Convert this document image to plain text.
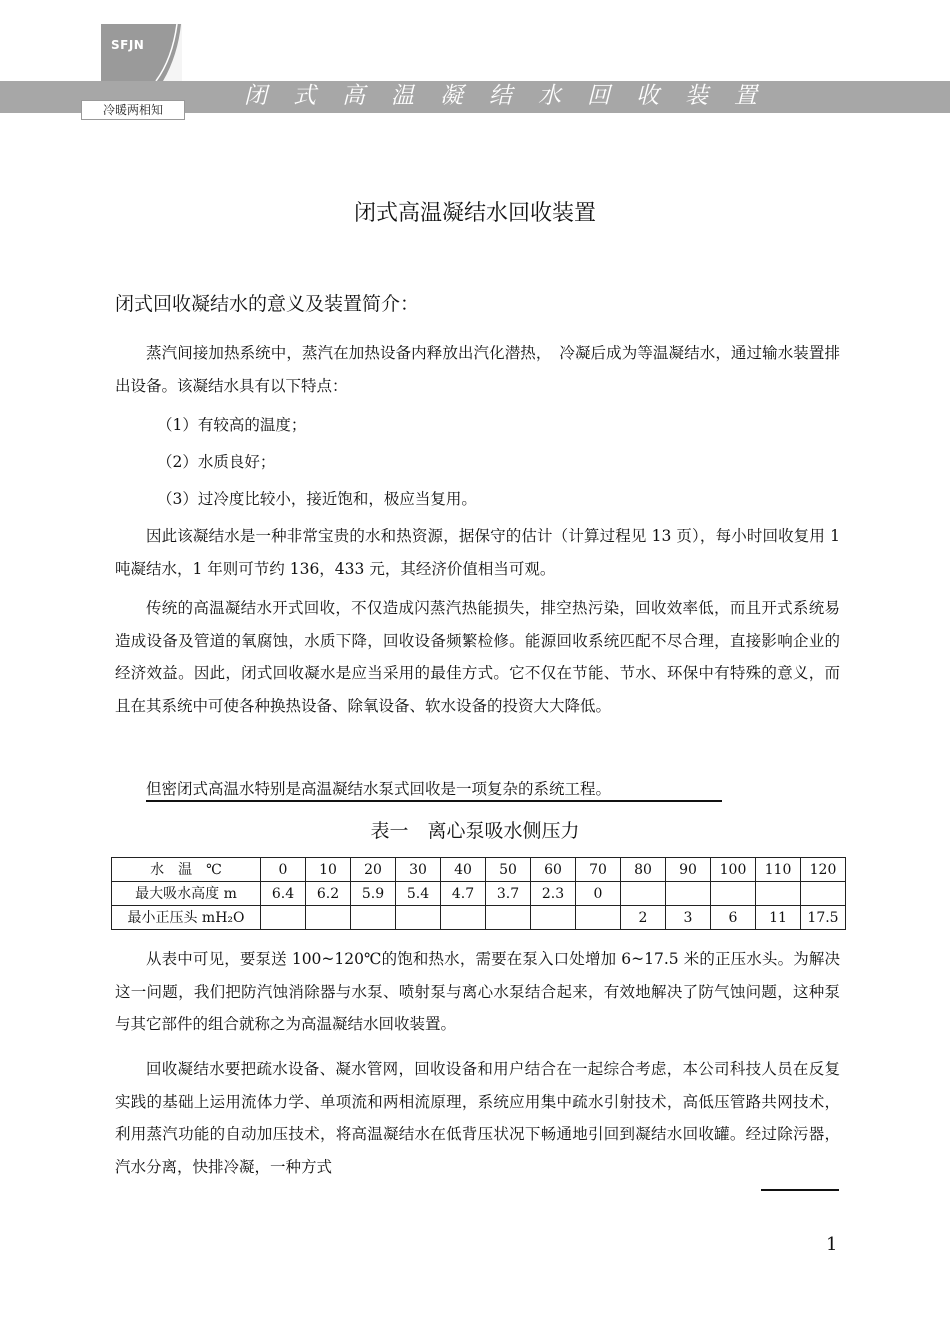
SFJN
闭式高温凝结水回收装置
冷暖两相知
闭式高温凝结水回收装置
闭式回收凝结水的意义及装置简介：

蒸汽间接加热系统中，蒸汽在加热设备内释放出汽化潜热，　冷凝后成为等温凝结水，通过输水装置排出设备。该凝结水具有以下特点：

（1）有较高的温度；

（2）水质良好；

（3）过冷度比较小，接近饱和，极应当复用。

因此该凝结水是一种非常宝贵的水和热资源，据保守的估计（计算过程见 13 页），每小时回收复用 1 吨凝结水，1 年则可节约 136，433 元，其经济价值相当可观。

传统的高温凝结水开式回收，不仅造成闪蒸汽热能损失，排空热污染，回收效率低，而且开式系统易造成设备及管道的氧腐蚀，水质下降，回收设备频繁检修。能源回收系统匹配不尽合理，直接影响企业的经济效益。因此，闭式回收凝水是应当采用的最佳方式。它不仅在节能、节水、环保中有特殊的意义，而且在其系统中可使各种换热设备、除氧设备、软水设备的投资大大降低。

但密闭式高温水特别是高温凝结水泵式回收是一项复杂的系统工程。

表一　离心泵吸水侧压力
水　温　℃	0	10	20	30	40	50	60	70	80	90	100	110	120
最大吸水高度 m	6.4	6.2	5.9	5.4	4.7	3.7	2.3	0					
最小正压头 mH₂O									2	3	6	11	17.5

从表中可见，要泵送 100~120℃的饱和热水，需要在泵入口处增加 6~17.5 米的正压水头。为解决这一问题，我们把防汽蚀消除器与水泵、喷射泵与离心水泵结合起来，有效地解决了防气蚀问题，这种泵与其它部件的组合就称之为高温凝结水回收装置。

回收凝结水要把疏水设备、凝水管网，回收设备和用户结合在一起综合考虑，本公司科技人员在反复实践的基础上运用流体力学、单项流和两相流原理，系统应用集中疏水引射技术，高低压管路共网技术，利用蒸汽功能的自动加压技术，将高温凝结水在低背压状况下畅通地引回到凝结水回收罐。经过除污器，汽水分离，快排冷凝，一种方式

1
